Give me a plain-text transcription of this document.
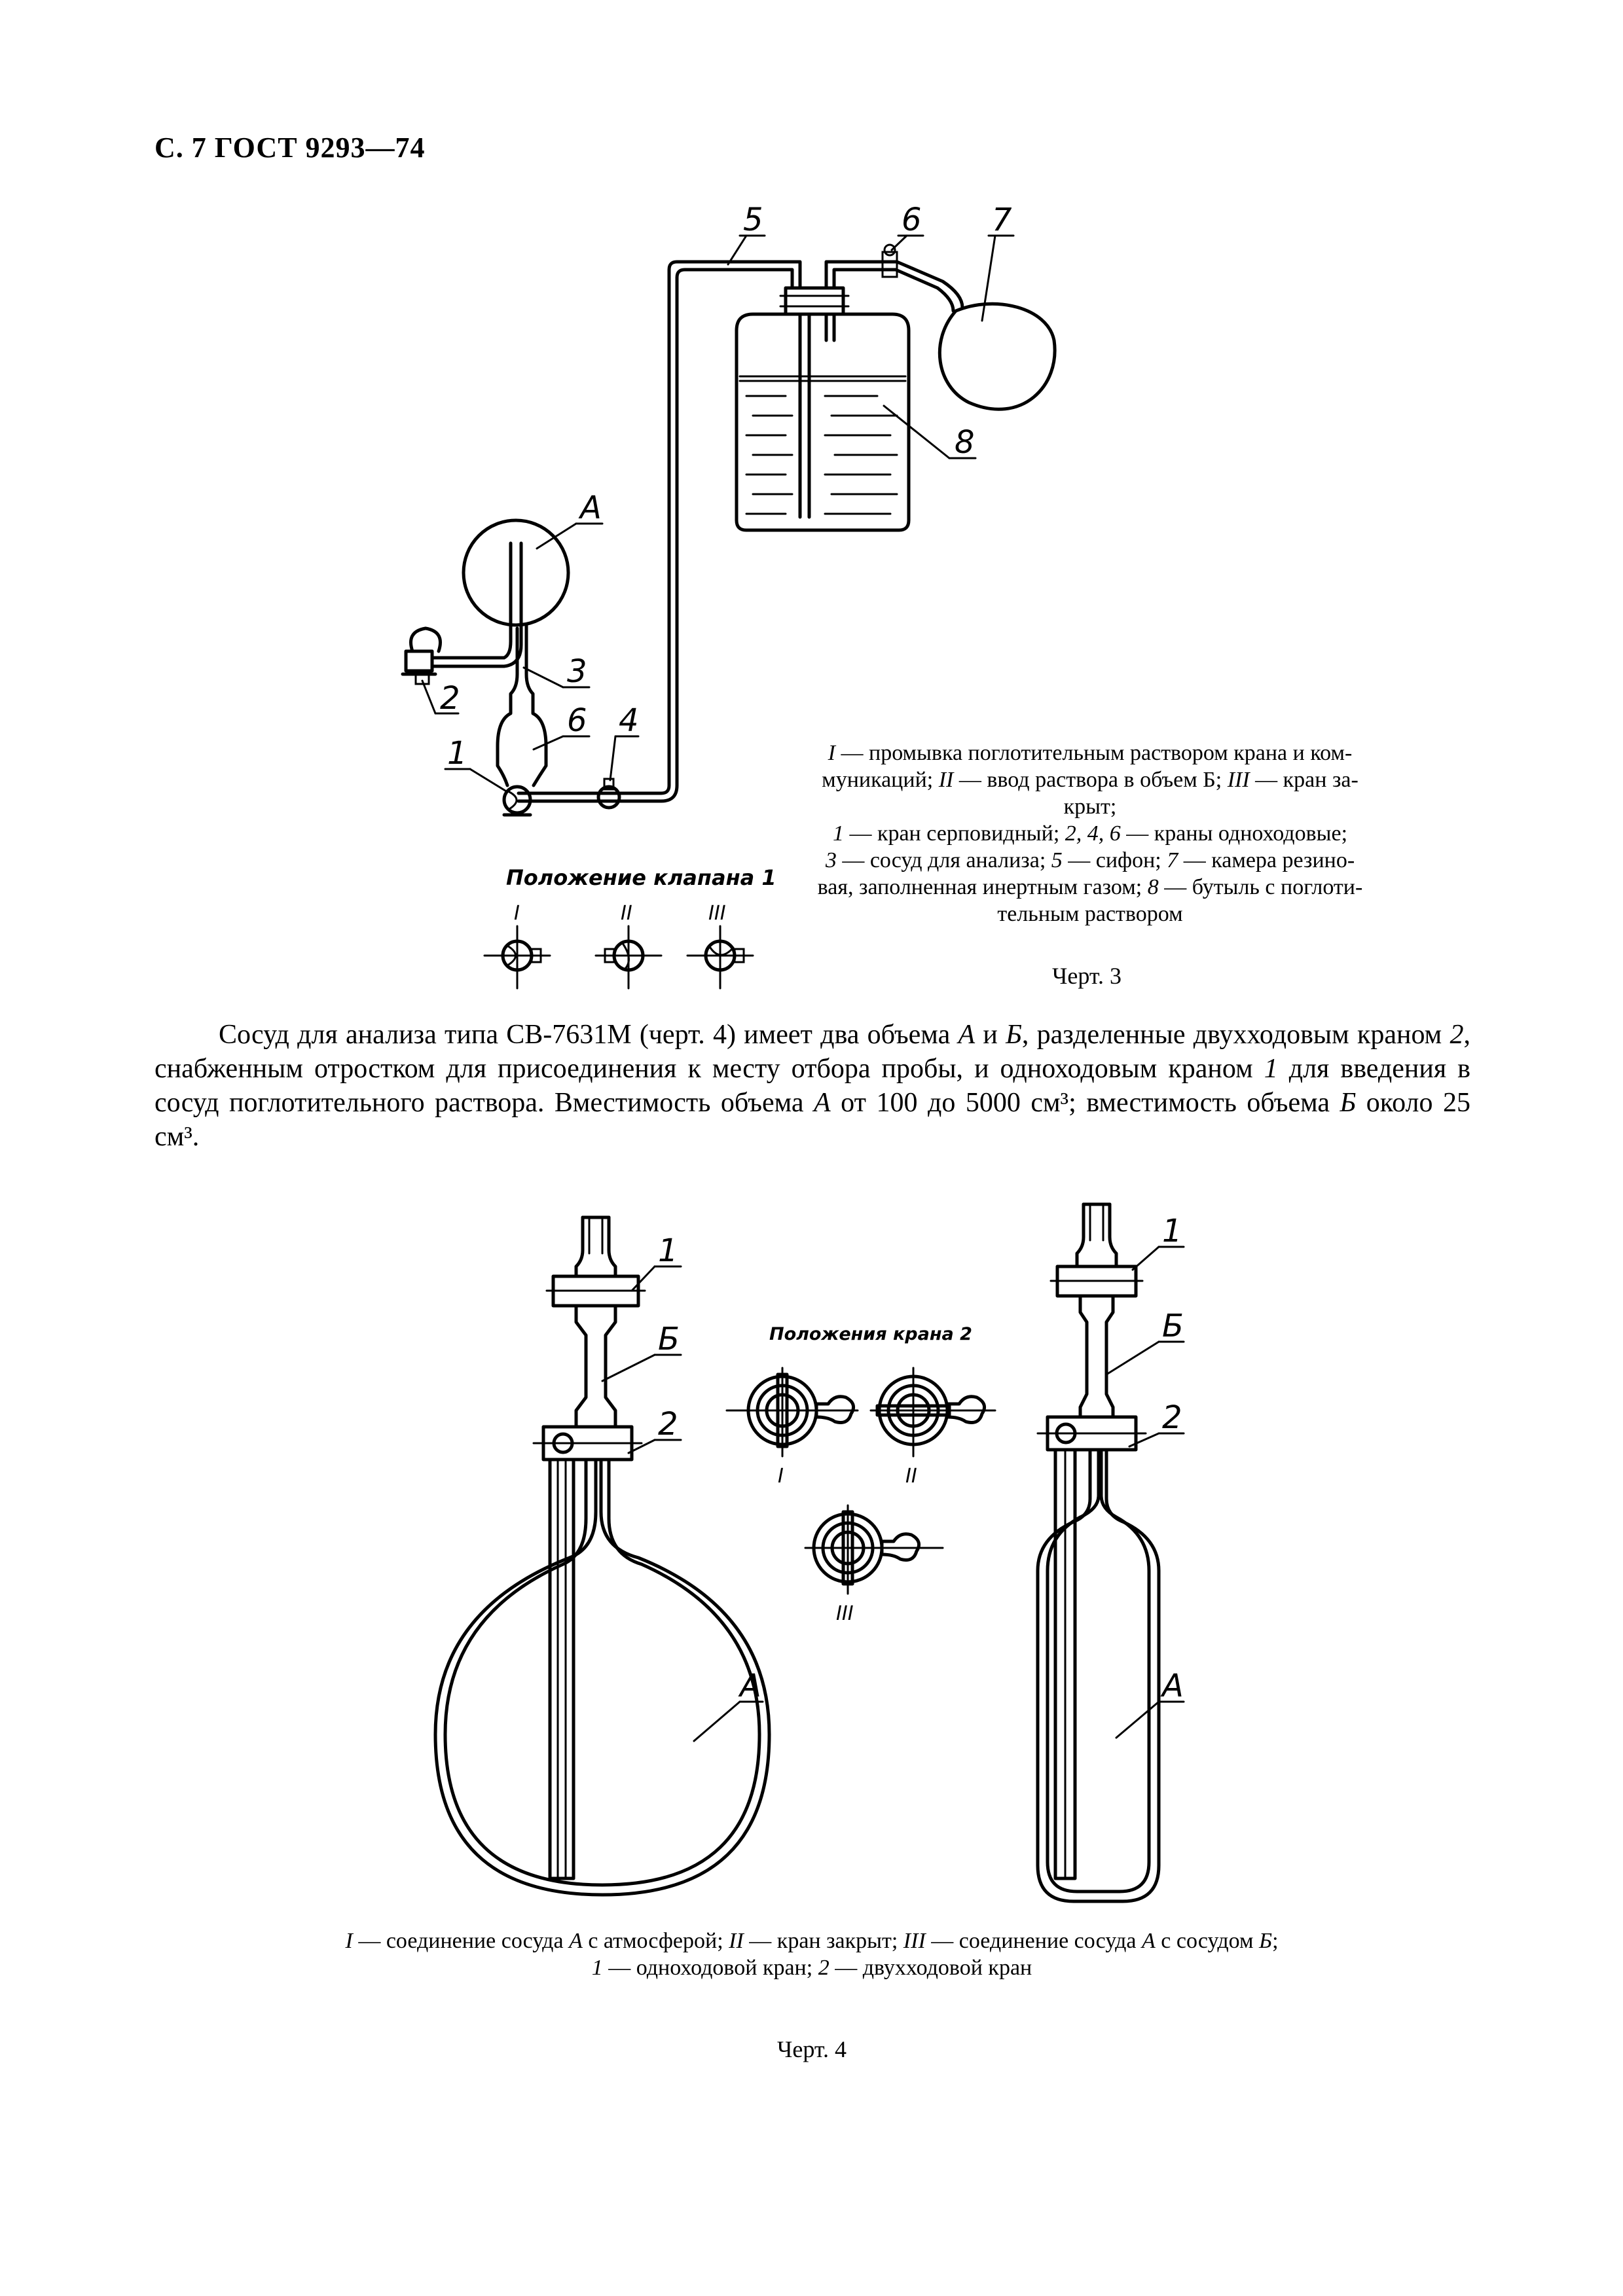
С. 7 ГОСТ 9293—74
5	6 7
8
А
3
2
6 4
1
Положение клапана 1
I	II	III
I — промывка поглотительным раствором крана и ком-
муникаций; II — ввод раствора в объем Б; III — кран за-
крыт;
1 — кран серповидный; 2, 4, 6 — краны одноходовые;
3 — сосуд для анализа; 5 — сифон; 7 — камера резино-
вая, заполненная инертным газом; 8 — бутыль с поглоти-
тельным раствором
Черт. 3
Сосуд для анализа типа СВ-7631М (черт. 4) имеет два объема А и Б, разделенные двухходовым краном 2, снабженным отростком для присоединения к месту отбора пробы, и одноходовым краном 1 для введения в сосуд поглотительного раствора. Вместимость объема А от 100 до 5000 см³; вместимость объема Б около 25 см³.
1
Б
2
А
1
Б
2
А
Положения крана 2
I	II
III
I — соединение сосуда А с атмосферой; II — кран закрыт; III — соединение сосуда А с сосудом Б;
1 — одноходовой кран; 2 — двухходовой кран
Черт. 4
